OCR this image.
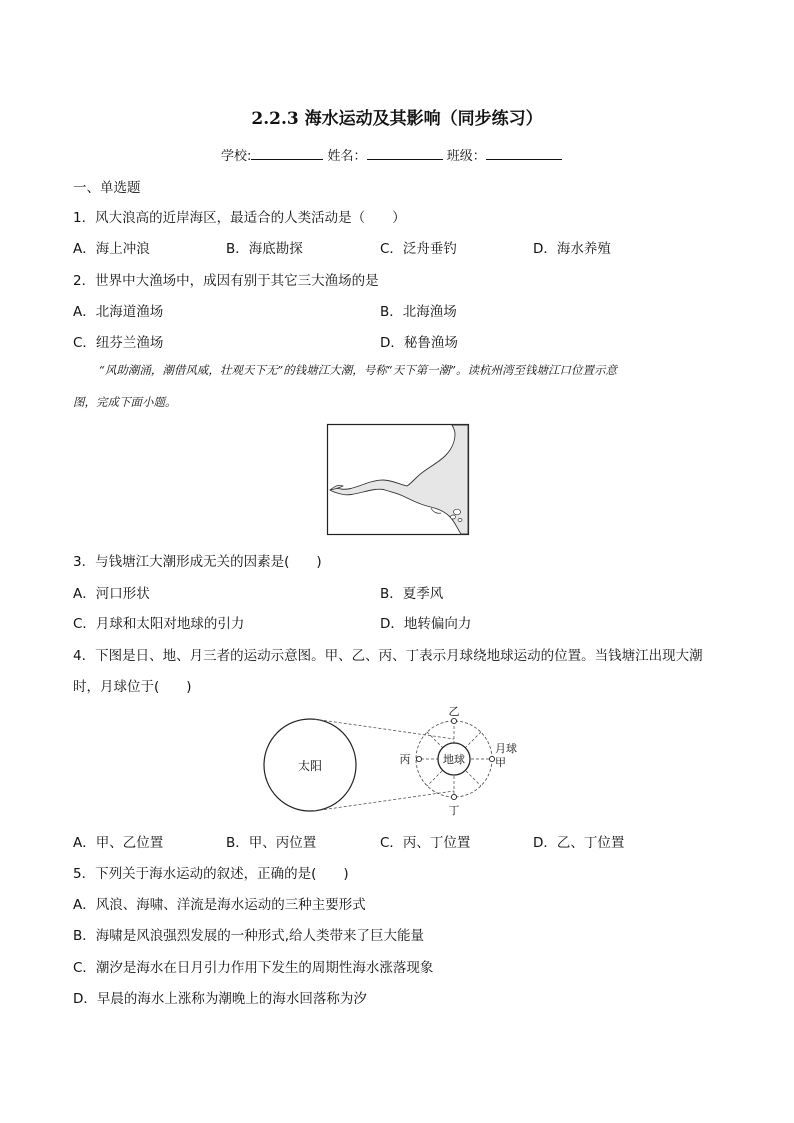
2.2.3 海水运动及其影响（同步练习）
学校:	姓名：	班级：
一、单选题
1．风大浪高的近岸海区，最适合的人类活动是（　　）
A．海上冲浪	B．海底勘探	C．泛舟垂钓	D．海水养殖
2．世界中大渔场中，成因有别于其它三大渔场的是
A．北海道渔场	B．北海渔场
C．纽芬兰渔场	D．秘鲁渔场
“风助潮涌，潮借风威，壮观天下无”的钱塘江大潮，号称“天下第一潮”。读杭州湾至钱塘江口位置示意
图，完成下面小题。
3．与钱塘江大潮形成无关的因素是(　　)
A．河口形状	B．夏季风
C．月球和太阳对地球的引力	D．地转偏向力
4．下图是日、地、月三者的运动示意图。甲、乙、丙、丁表示月球绕地球运动的位置。当钱塘江出现大潮
时，月球位于(　　)
太阳	地球
乙
丁
丙
月球
甲
A．甲、乙位置	B．甲、丙位置	C．丙、丁位置	D．乙、丁位置
5．下列关于海水运动的叙述，正确的是(　　)
A．风浪、海啸、洋流是海水运动的三种主要形式
B．海啸是风浪强烈发展的一种形式,给人类带来了巨大能量
C．潮汐是海水在日月引力作用下发生的周期性海水涨落现象
D．早晨的海水上涨称为潮晚上的海水回落称为汐
